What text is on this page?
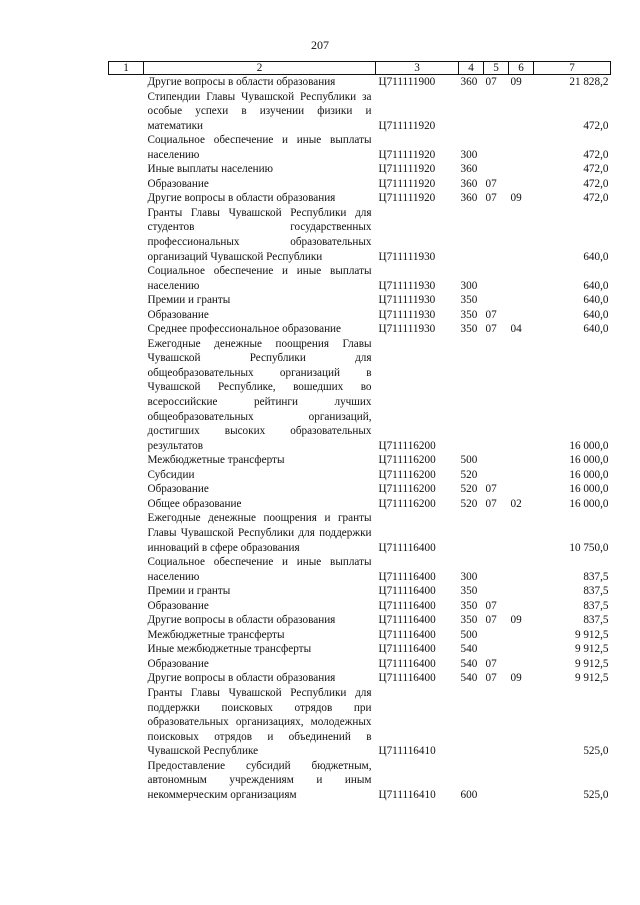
207
1	2	3	4	5	6	7
	Другие вопросы в области образования	Ц711111900	360	07	09	21 828,2
	Стипендии Главы Чувашской Республики за особые успехи в изучении физики и математики	Ц711111920				472,0
	Социальное обеспечение и иные выплаты населению	Ц711111920	300			472,0
	Иные выплаты населению	Ц711111920	360			472,0
	Образование	Ц711111920	360	07		472,0
	Другие вопросы в области образования	Ц711111920	360	07	09	472,0
	Гранты Главы Чувашской Республики для студентов государственных профессиональных образовательных организаций Чувашской Республики	Ц711111930				640,0
	Социальное обеспечение и иные выплаты населению	Ц711111930	300			640,0
	Премии и гранты	Ц711111930	350			640,0
	Образование	Ц711111930	350	07		640,0
	Среднее профессиональное образование	Ц711111930	350	07	04	640,0
	Ежегодные денежные поощрения Главы Чувашской Республики для общеобразовательных организаций в Чувашской Республике, вошедших во всероссийские рейтинги лучших общеобразовательных организаций, достигших высоких образовательных результатов	Ц711116200				16 000,0
	Межбюджетные трансферты	Ц711116200	500			16 000,0
	Субсидии	Ц711116200	520			16 000,0
	Образование	Ц711116200	520	07		16 000,0
	Общее образование	Ц711116200	520	07	02	16 000,0
	Ежегодные денежные поощрения и гранты Главы Чувашской Республики для поддержки инноваций в сфере образования	Ц711116400				10 750,0
	Социальное обеспечение и иные выплаты населению	Ц711116400	300			837,5
	Премии и гранты	Ц711116400	350			837,5
	Образование	Ц711116400	350	07		837,5
	Другие вопросы в области образования	Ц711116400	350	07	09	837,5
	Межбюджетные трансферты	Ц711116400	500			9 912,5
	Иные межбюджетные трансферты	Ц711116400	540			9 912,5
	Образование	Ц711116400	540	07		9 912,5
	Другие вопросы в области образования	Ц711116400	540	07	09	9 912,5
	Гранты Главы Чувашской Республики для поддержки поисковых отрядов при образовательных организациях, молодежных поисковых отрядов и объединений в Чувашской Республике	Ц711116410				525,0
	Предоставление субсидий бюджетным, автономным учреждениям и иным некоммерческим организациям	Ц711116410	600			525,0
